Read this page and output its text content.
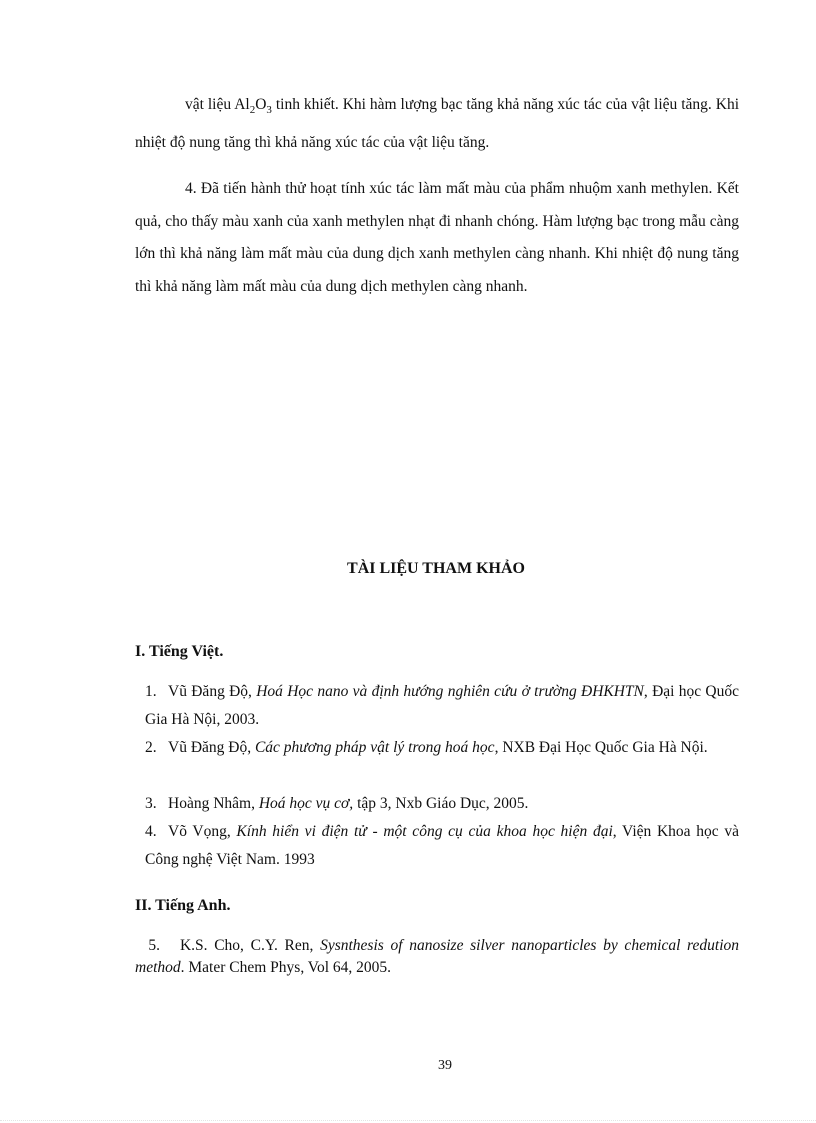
vật liệu $Al_2O_3$ tinh khiết. Khi hàm lượng bạc tăng khả năng xúc tác của vật liệu tăng. Khi nhiệt độ nung tăng thì khả năng xúc tác của vật liệu tăng.

4. Đã tiến hành thử hoạt tính xúc tác làm mất màu của phẩm nhuộm xanh methylen. Kết quả, cho thấy màu xanh của xanh methylen nhạt đi nhanh chóng. Hàm lượng bạc trong mẫu càng lớn thì khả năng làm mất màu của dung dịch xanh methylen càng nhanh. Khi nhiệt độ nung tăng thì khả năng làm mất màu của dung dịch methylen càng nhanh.

TÀI LIỆU THAM KHẢO

I. Tiếng Việt.

1. Vũ Đăng Độ, Hoá Học nano và định hướng nghiên cứu ở trường ĐHKHTN, Đại học Quốc Gia Hà Nội, 2003.

2. Vũ Đăng Độ, Các phương pháp vật lý trong hoá học, NXB Đại Học Quốc Gia Hà Nội.

3. Hoàng Nhâm, Hoá học vụ cơ, tập 3, Nxb Giáo Dục, 2005.

4. Võ Vọng, Kính hiển vi điện tử - một công cụ của khoa học hiện đại, Viện Khoa học và Công nghệ Việt Nam. 1993

II. Tiếng Anh.

5. K.S. Cho, C.Y. Ren, Sysnthesis of nanosize silver nanoparticles by chemical redution method. Mater Chem Phys, Vol 64, 2005.

39
